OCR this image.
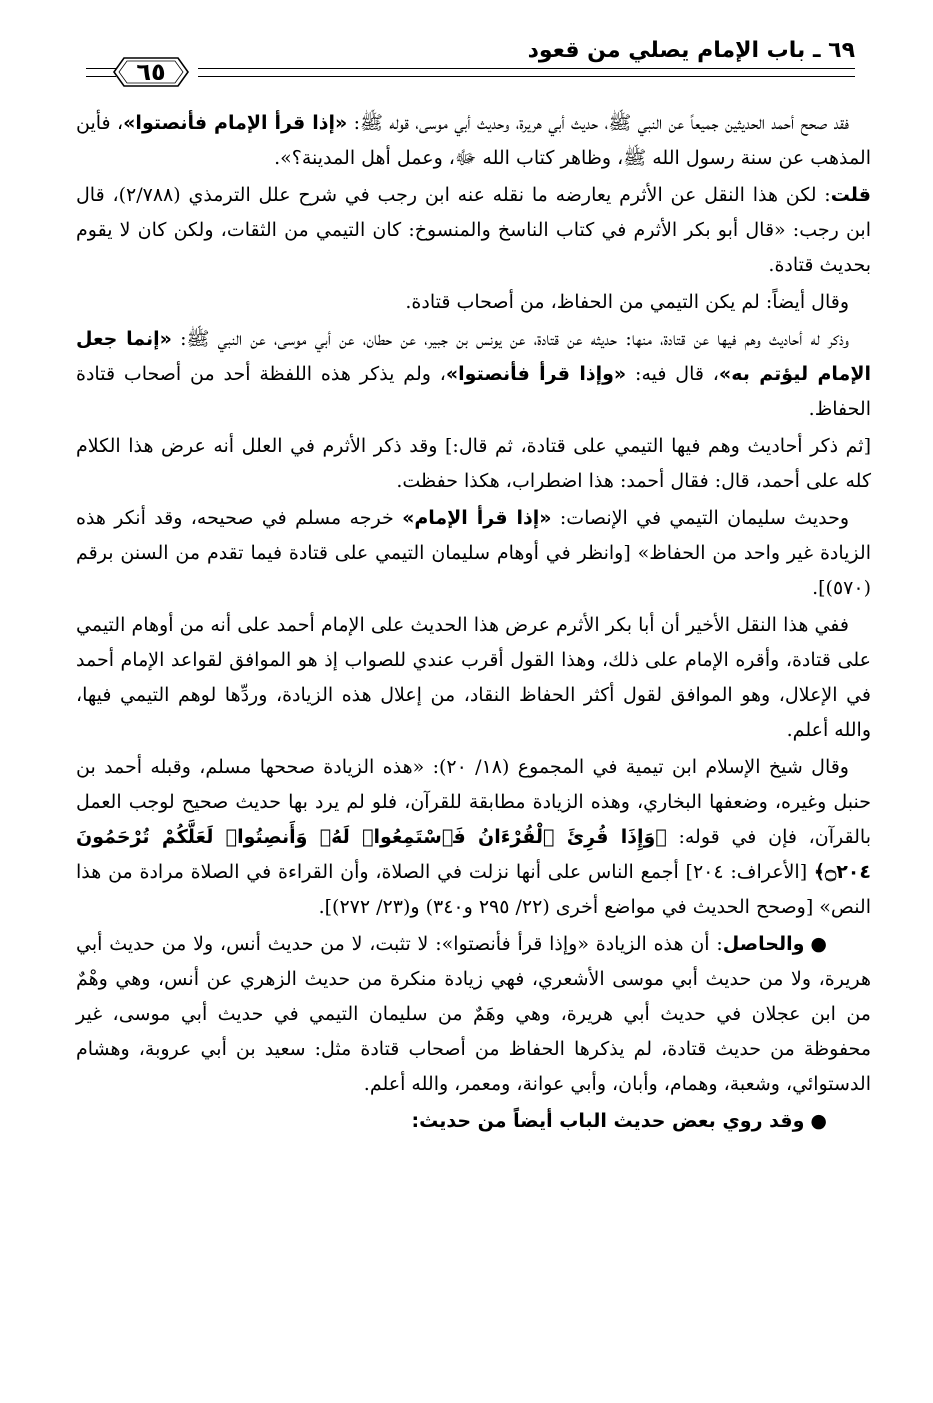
٦٩ ـ باب الإمام يصلي من قعود
٦٥

فقد صحح أحمد الحديثين جميعاً عن النبي ﷺ، حديث أبي هريرة، وحديث أبي موسى، قوله ﷺ: «إذا قرأ الإمام فأنصتوا»، فأين المذهب عن سنة رسول الله ﷺ، وظاهر كتاب الله ﷻ، وعمل أهل المدينة؟».

قلت: لكن هذا النقل عن الأثرم يعارضه ما نقله عنه ابن رجب في شرح علل الترمذي (٢/٧٨٨)، قال ابن رجب: «قال أبو بكر الأثرم في كتاب الناسخ والمنسوخ: كان التيمي من الثقات، ولكن كان لا يقوم بحديث قتادة.

وقال أيضاً: لم يكن التيمي من الحفاظ، من أصحاب قتادة.

وذكر له أحاديث وهم فيها عن قتادة، منها: حديثه عن قتادة، عن يونس بن جبير، عن حطان، عن أبي موسى، عن النبي ﷺ: «إنما جعل الإمام ليؤتم به»، قال فيه: «وإذا قرأ فأنصتوا»، ولم يذكر هذه اللفظة أحد من أصحاب قتادة الحفاظ.

[ثم ذكر أحاديث وهم فيها التيمي على قتادة، ثم قال:] وقد ذكر الأثرم في العلل أنه عرض هذا الكلام كله على أحمد، قال: فقال أحمد: هذا اضطراب، هكذا حفظت.

وحديث سليمان التيمي في الإنصات: «إذا قرأ الإمام» خرجه مسلم في صحيحه، وقد أنكر هذه الزيادة غير واحد من الحفاظ» [وانظر في أوهام سليمان التيمي على قتادة فيما تقدم من السنن برقم (٥٧٠)].

ففي هذا النقل الأخير أن أبا بكر الأثرم عرض هذا الحديث على الإمام أحمد على أنه من أوهام التيمي على قتادة، وأقره الإمام على ذلك، وهذا القول أقرب عندي للصواب إذ هو الموافق لقواعد الإمام أحمد في الإعلال، وهو الموافق لقول أكثر الحفاظ النقاد، من إعلال هذه الزيادة، وردِّها لوهم التيمي فيها، والله أعلم.

وقال شيخ الإسلام ابن تيمية في المجموع (١٨/ ٢٠): «هذه الزيادة صححها مسلم، وقبله أحمد بن حنبل وغيره، وضعفها البخاري، وهذه الزيادة مطابقة للقرآن، فلو لم يرد بها حديث صحيح لوجب العمل بالقرآن، فإن في قوله: ﴿وَإِذَا قُرِئَ ٱلْقُرْءَانُ فَٱسْتَمِعُوا۟ لَهُۥ وَأَنصِتُوا۟ لَعَلَّكُمْ تُرْحَمُونَ ۝٢٠٤﴾ [الأعراف: ٢٠٤] أجمع الناس على أنها نزلت في الصلاة، وأن القراءة في الصلاة مرادة من هذا النص» [وصحح الحديث في مواضع أخرى (٢٢/ ٢٩٥ و٣٤٠) و(٢٣/ ٢٧٢)].

●والحاصل: أن هذه الزيادة «وإذا قرأ فأنصتوا»: لا تثبت، لا من حديث أنس، ولا من حديث أبي هريرة، ولا من حديث أبي موسى الأشعري، فهي زيادة منكرة من حديث الزهري عن أنس، وهي وهْمٌ من ابن عجلان في حديث أبي هريرة، وهي وهَمٌ من سليمان التيمي في حديث أبي موسى، غير محفوظة من حديث قتادة، لم يذكرها الحفاظ من أصحاب قتادة مثل: سعيد بن أبي عروبة، وهشام الدستوائي، وشعبة، وهمام، وأبان، وأبي عوانة، ومعمر، والله أعلم.

●وقد روي بعض حديث الباب أيضاً من حديث:
